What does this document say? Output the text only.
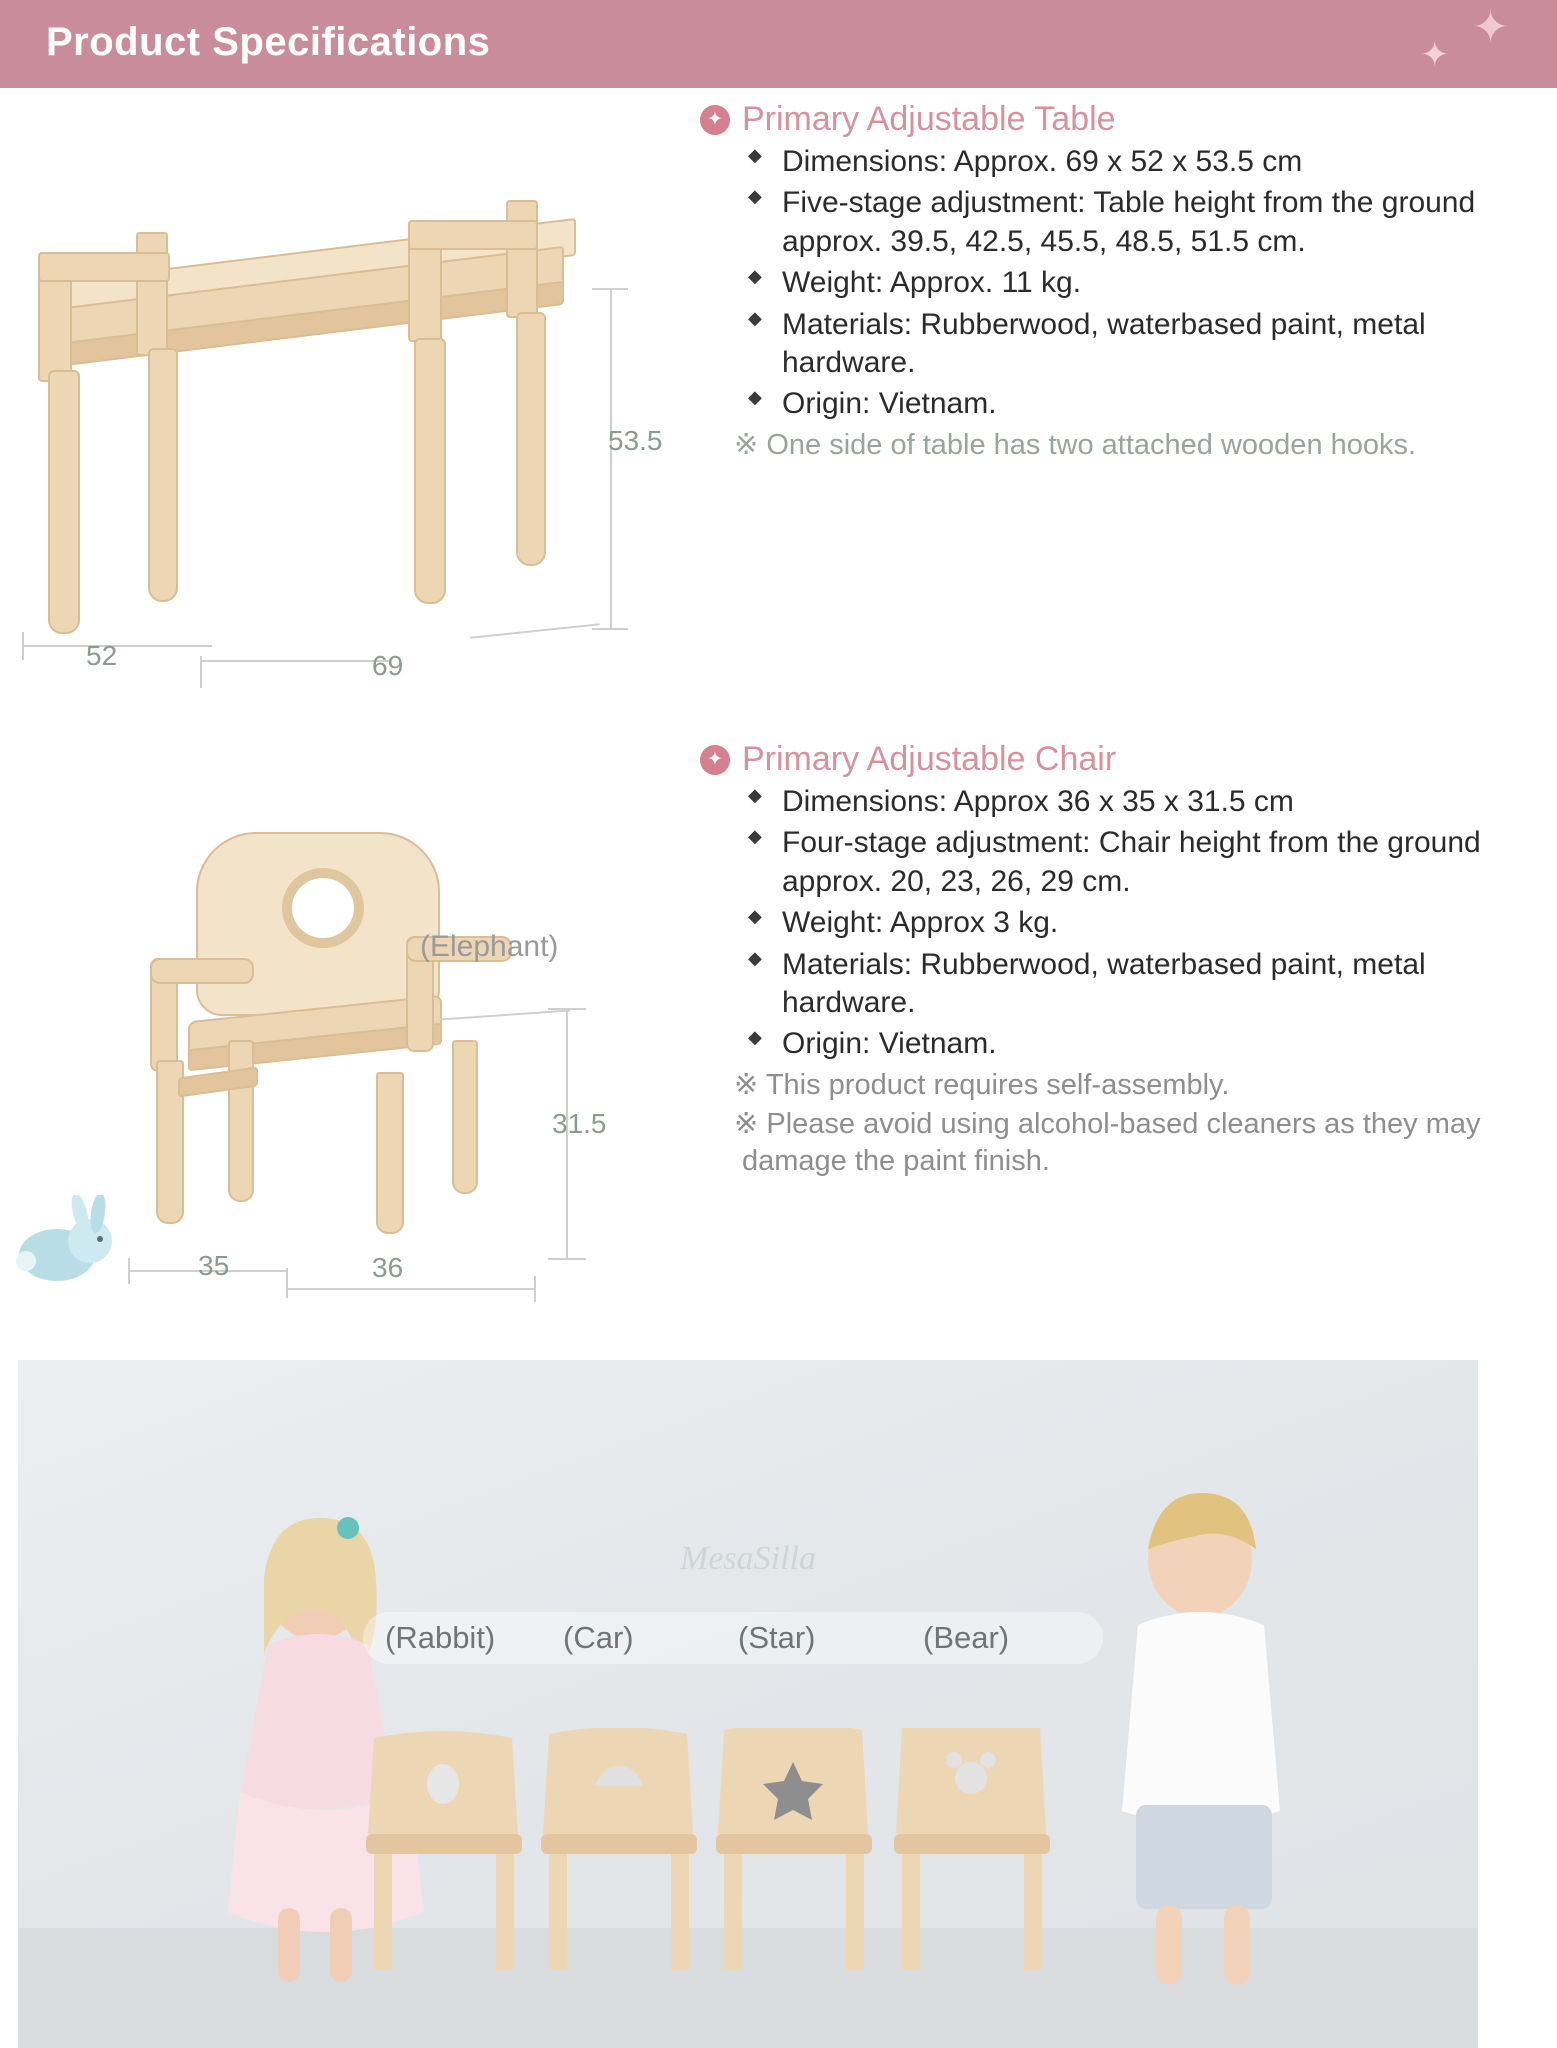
Product Specifications	✦
✦
53.5
52	69
✦ Primary Adjustable Table
◆ Dimensions: Approx. 69 x 52 x 53.5 cm
◆ Five-stage adjustment: Table height from the ground approx. 39.5, 42.5, 45.5, 48.5, 51.5 cm.
◆ Weight: Approx. 11 kg.
◆ Materials: Rubberwood, waterbased paint, metal hardware.
◆ Origin: Vietnam.
※ One side of table has two attached wooden hooks.
(Elephant)
31.5
35	36
✦ Primary Adjustable Chair
◆ Dimensions: Approx 36 x 35 x 31.5 cm
◆ Four-stage adjustment: Chair height from the ground approx. 20, 23, 26, 29 cm.
◆ Weight: Approx 3 kg.
◆ Materials: Rubberwood, waterbased paint, metal hardware.
◆ Origin: Vietnam.
※ This product requires self-assembly.
※ Please avoid using alcohol-based cleaners as they may damage the paint finish.
MesaSilla
(Rabbit) (Car)	(Star)	(Bear)
